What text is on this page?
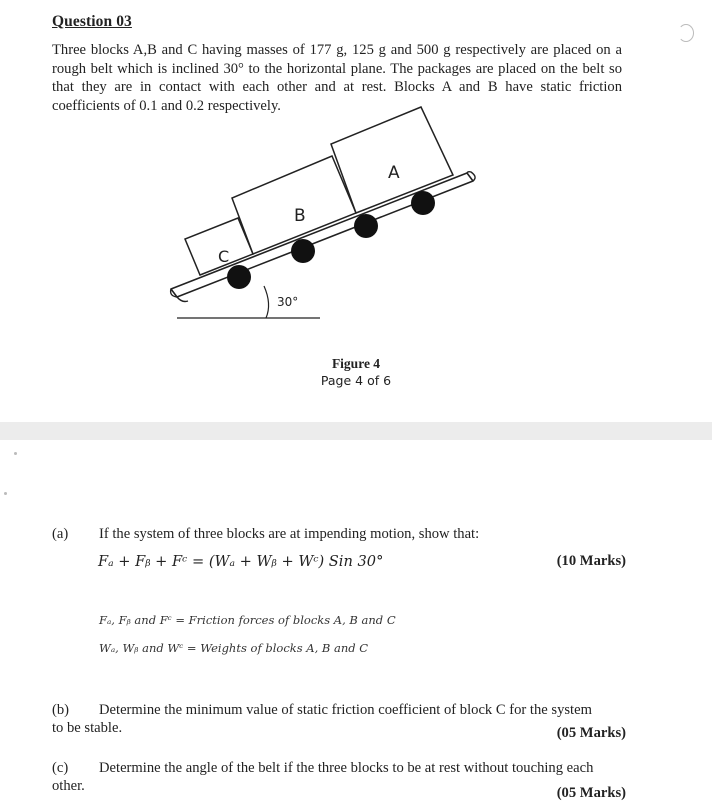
Question 03

Three blocks A,B and C having masses of 177 g, 125 g and 500 g respectively are placed on a rough belt which is inclined 30° to the horizontal plane. The packages are placed on the belt so that they are in contact with each other and at rest. Blocks A and B have static friction coefficients of 0.1 and 0.2 respectively.

30°
C
B
A
Figure 4
Page 4 of 6
(a) If the system of three blocks are at impending motion, show that:
Fₐ + Fᵦ + Fᶜ = (Wₐ + Wᵦ + Wᶜ) Sin 30°	(10 Marks)
Fₐ, Fᵦ and Fᶜ = Friction forces of blocks A, B and C
Wₐ, Wᵦ and Wᶜ = Weights of blocks A, B and C
(b) Determine the minimum value of static friction coefficient of block C for the system
to be stable.	(05 Marks)
(c) Determine the angle of the belt if the three blocks to be at rest without touching each
other.	(05 Marks)
